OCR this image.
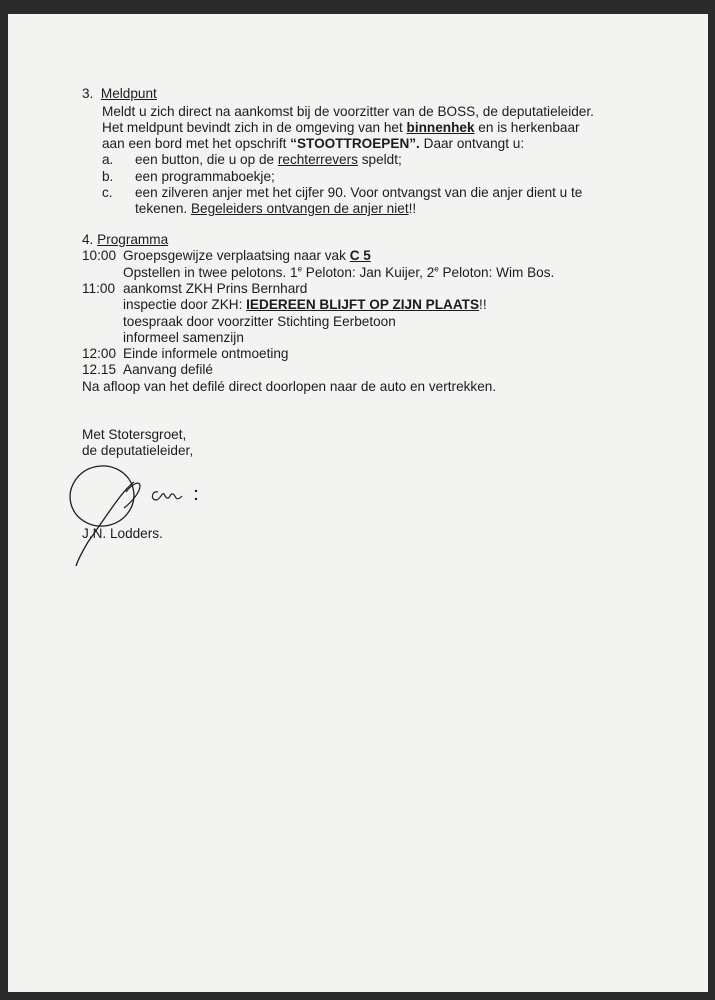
3. Meldpunt
Meldt u zich direct na aankomst bij de voorzitter van de BOSS, de deputatieleider.
Het meldpunt bevindt zich in de omgeving van het binnenhek en is herkenbaar
aan een bord met het opschrift “STOOTTROEPEN”. Daar ontvangt u:
a. een button, die u op de rechterrevers speldt;
b. een programmaboekje;
c. een zilveren anjer met het cijfer 90. Voor ontvangst van die anjer dient u te
tekenen. Begeleiders ontvangen de anjer niet!!
4. Programma
10:00 Groepsgewijze verplaatsing naar vak C 5
Opstellen in twee pelotons. 1e Peloton: Jan Kuijer, 2e Peloton: Wim Bos.
11:00 aankomst ZKH Prins Bernhard
inspectie door ZKH: IEDEREEN BLIJFT OP ZIJN PLAATS!!
toespraak door voorzitter Stichting Eerbetoon
informeel samenzijn
12:00 Einde informele ontmoeting
12.15 Aanvang defilé
Na afloop van het defilé direct doorlopen naar de auto en vertrekken.
Met Stotersgroet,
de deputatieleider,
J.N. Lodders.
